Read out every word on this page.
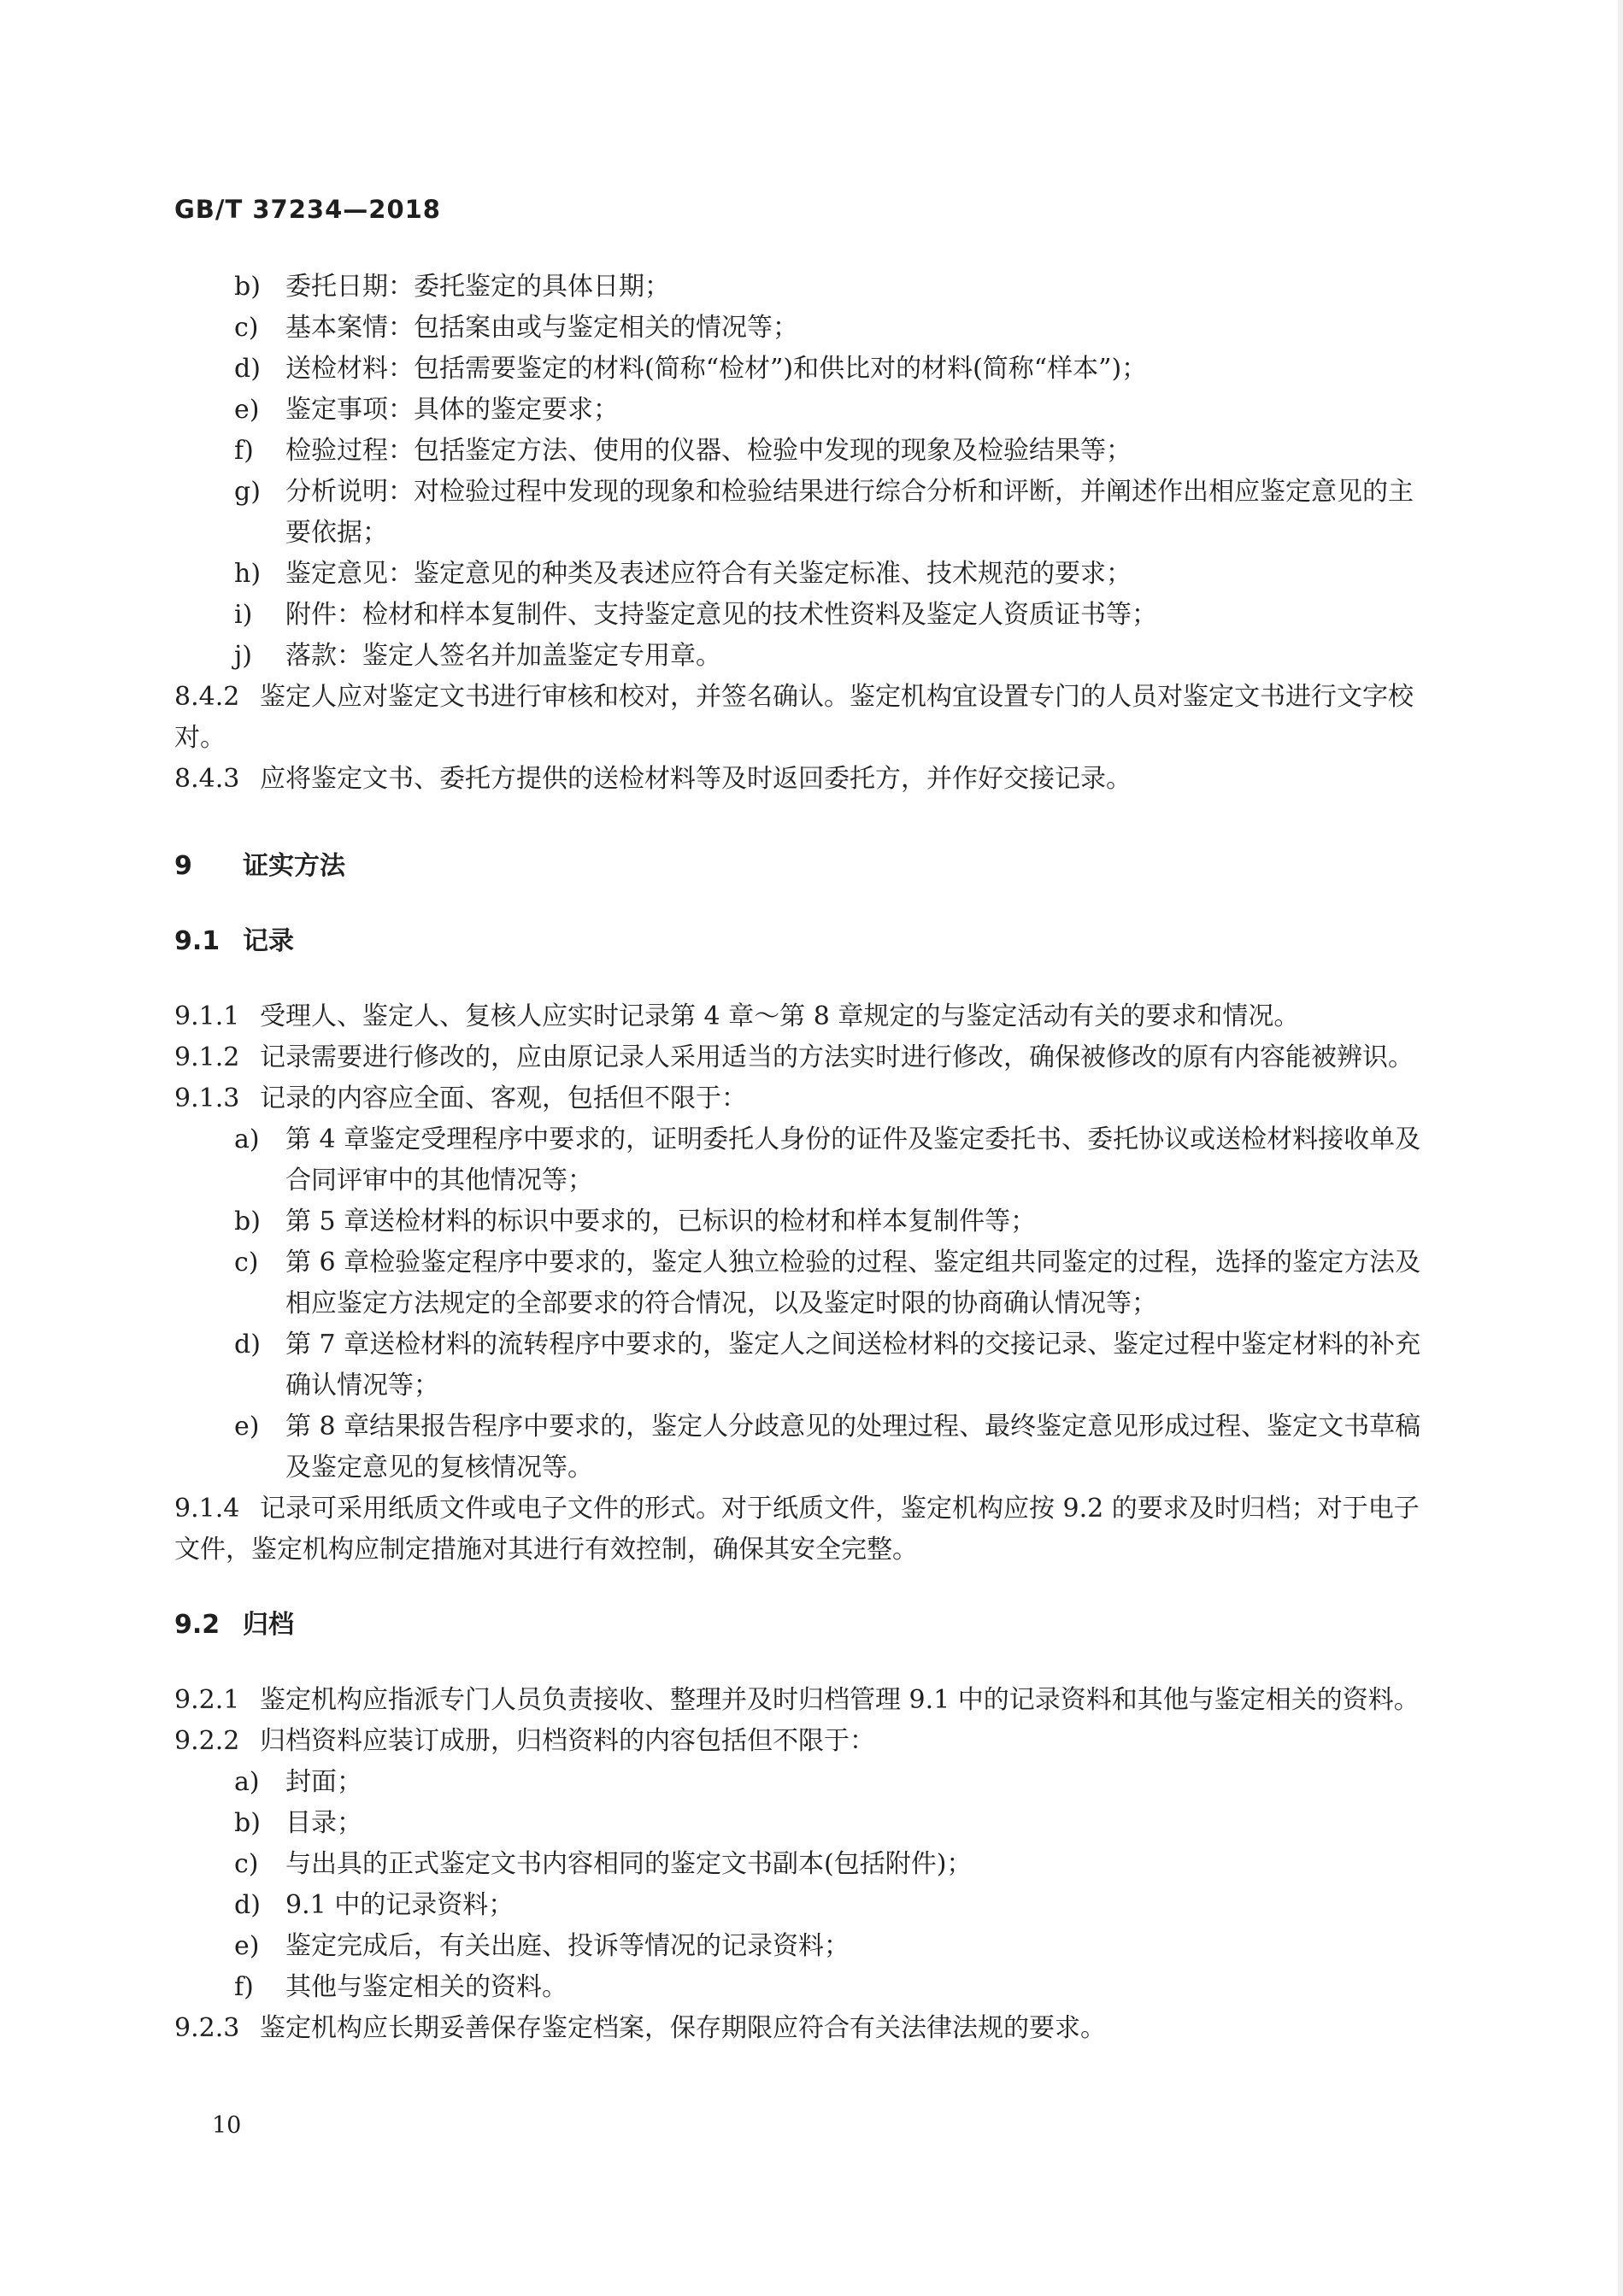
GB/T 37234—2018
b) 委托日期：委托鉴定的具体日期；
c) 基本案情：包括案由或与鉴定相关的情况等；
d) 送检材料：包括需要鉴定的材料(简称“检材”)和供比对的材料(简称“样本”)；
e) 鉴定事项：具体的鉴定要求；
f) 检验过程：包括鉴定方法、使用的仪器、检验中发现的现象及检验结果等；
g) 分析说明：对检验过程中发现的现象和检验结果进行综合分析和评断，并阐述作出相应鉴定意见的主要依据；
h) 鉴定意见：鉴定意见的种类及表述应符合有关鉴定标准、技术规范的要求；
i) 附件：检材和样本复制件、支持鉴定意见的技术性资料及鉴定人资质证书等；
j) 落款：鉴定人签名并加盖鉴定专用章。
8.4.2 鉴定人应对鉴定文书进行审核和校对，并签名确认。鉴定机构宜设置专门的人员对鉴定文书进行文字校对。
8.4.3 应将鉴定文书、委托方提供的送检材料等及时返回委托方，并作好交接记录。
9 证实方法
9.1 记录
9.1.1 受理人、鉴定人、复核人应实时记录第 4 章～第 8 章规定的与鉴定活动有关的要求和情况。
9.1.2 记录需要进行修改的，应由原记录人采用适当的方法实时进行修改，确保被修改的原有内容能被辨识。
9.1.3 记录的内容应全面、客观，包括但不限于：
a) 第 4 章鉴定受理程序中要求的，证明委托人身份的证件及鉴定委托书、委托协议或送检材料接收单及合同评审中的其他情况等；
b) 第 5 章送检材料的标识中要求的，已标识的检材和样本复制件等；
c) 第 6 章检验鉴定程序中要求的，鉴定人独立检验的过程、鉴定组共同鉴定的过程，选择的鉴定方法及相应鉴定方法规定的全部要求的符合情况，以及鉴定时限的协商确认情况等；
d) 第 7 章送检材料的流转程序中要求的，鉴定人之间送检材料的交接记录、鉴定过程中鉴定材料的补充确认情况等；
e) 第 8 章结果报告程序中要求的，鉴定人分歧意见的处理过程、最终鉴定意见形成过程、鉴定文书草稿及鉴定意见的复核情况等。
9.1.4 记录可采用纸质文件或电子文件的形式。对于纸质文件，鉴定机构应按 9.2 的要求及时归档；对于电子文件，鉴定机构应制定措施对其进行有效控制，确保其安全完整。
9.2 归档
9.2.1 鉴定机构应指派专门人员负责接收、整理并及时归档管理 9.1 中的记录资料和其他与鉴定相关的资料。
9.2.2 归档资料应装订成册，归档资料的内容包括但不限于：
a) 封面；
b) 目录；
c) 与出具的正式鉴定文书内容相同的鉴定文书副本(包括附件)；
d) 9.1 中的记录资料；
e) 鉴定完成后，有关出庭、投诉等情况的记录资料；
f) 其他与鉴定相关的资料。
9.2.3 鉴定机构应长期妥善保存鉴定档案，保存期限应符合有关法律法规的要求。
10
